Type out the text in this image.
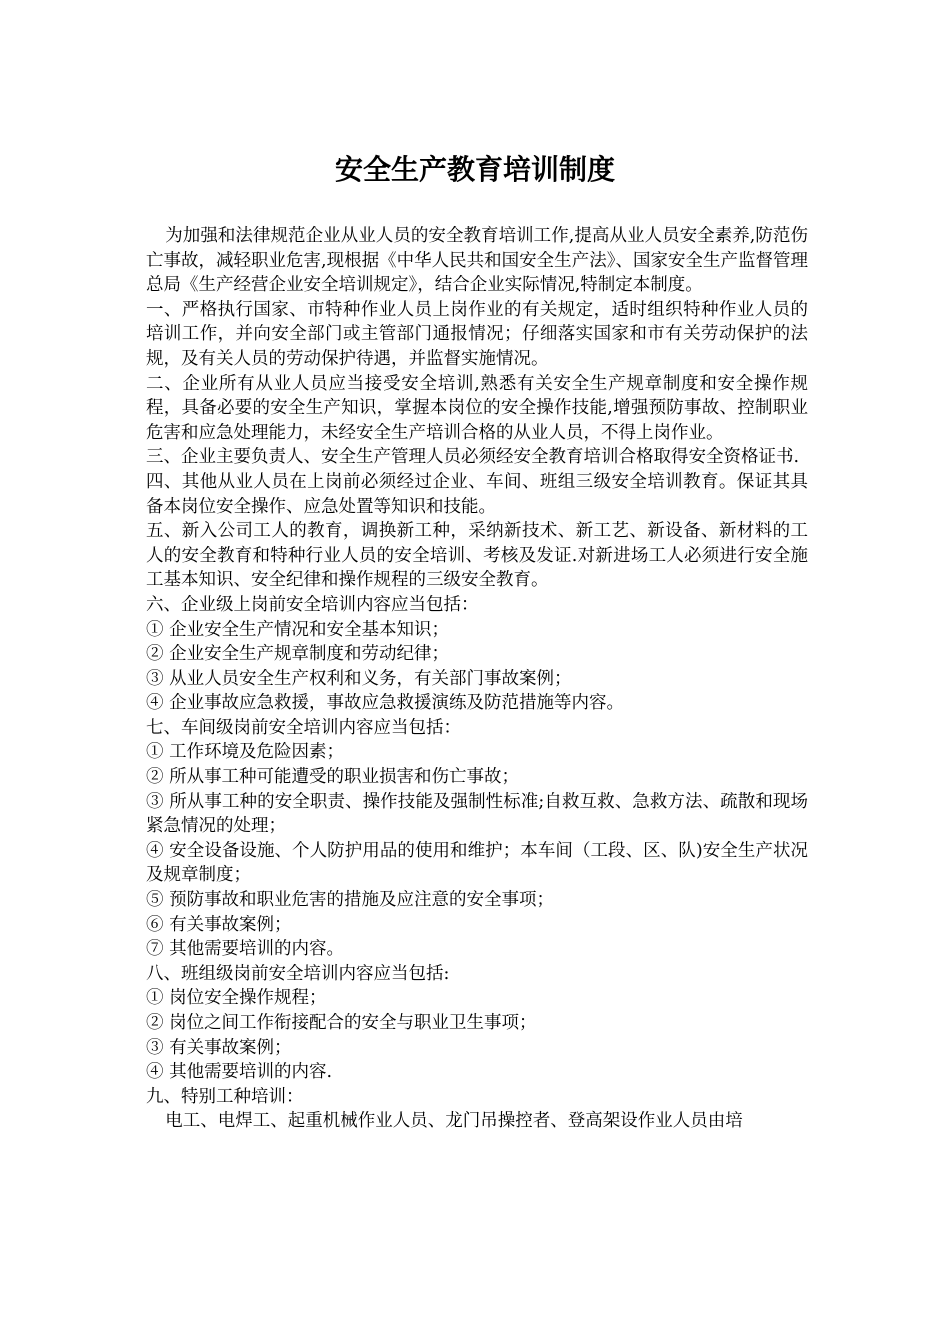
安全生产教育培训制度

为加强和法律规范企业从业人员的安全教育培训工作,提高从业人员安全素养,防范伤亡事故，减轻职业危害,现根据《中华人民共和国安全生产法》、国家安全生产监督管理总局《生产经营企业安全培训规定》，结合企业实际情况,特制定本制度。

一、严格执行国家、市特种作业人员上岗作业的有关规定，适时组织特种作业人员的培训工作，并向安全部门或主管部门通报情况；仔细落实国家和市有关劳动保护的法规，及有关人员的劳动保护待遇，并监督实施情况。

二、企业所有从业人员应当接受安全培训,熟悉有关安全生产规章制度和安全操作规程，具备必要的安全生产知识，掌握本岗位的安全操作技能,增强预防事故、控制职业危害和应急处理能力，未经安全生产培训合格的从业人员，不得上岗作业。

三、企业主要负责人、安全生产管理人员必须经安全教育培训合格取得安全资格证书.

四、其他从业人员在上岗前必须经过企业、车间、班组三级安全培训教育。保证其具备本岗位安全操作、应急处置等知识和技能。

五、新入公司工人的教育，调换新工种，采纳新技术、新工艺、新设备、新材料的工人的安全教育和特种行业人员的安全培训、考核及发证.对新进场工人必须进行安全施工基本知识、安全纪律和操作规程的三级安全教育。

六、企业级上岗前安全培训内容应当包括：

① 企业安全生产情况和安全基本知识；

② 企业安全生产规章制度和劳动纪律；

③ 从业人员安全生产权利和义务，有关部门事故案例；

④ 企业事故应急救援，事故应急救援演练及防范措施等内容。

七、车间级岗前安全培训内容应当包括：

① 工作环境及危险因素；

② 所从事工种可能遭受的职业损害和伤亡事故；

③ 所从事工种的安全职责、操作技能及强制性标准;自救互救、急救方法、疏散和现场紧急情况的处理；

④ 安全设备设施、个人防护用品的使用和维护；本车间（工段、区、队)安全生产状况及规章制度；

⑤ 预防事故和职业危害的措施及应注意的安全事项；

⑥ 有关事故案例；

⑦ 其他需要培训的内容。

八、班组级岗前安全培训内容应当包括:

① 岗位安全操作规程；

② 岗位之间工作衔接配合的安全与职业卫生事项；

③ 有关事故案例；

④ 其他需要培训的内容.

九、特别工种培训：

电工、电焊工、起重机械作业人员、龙门吊操控者、登高架设作业人员由培
